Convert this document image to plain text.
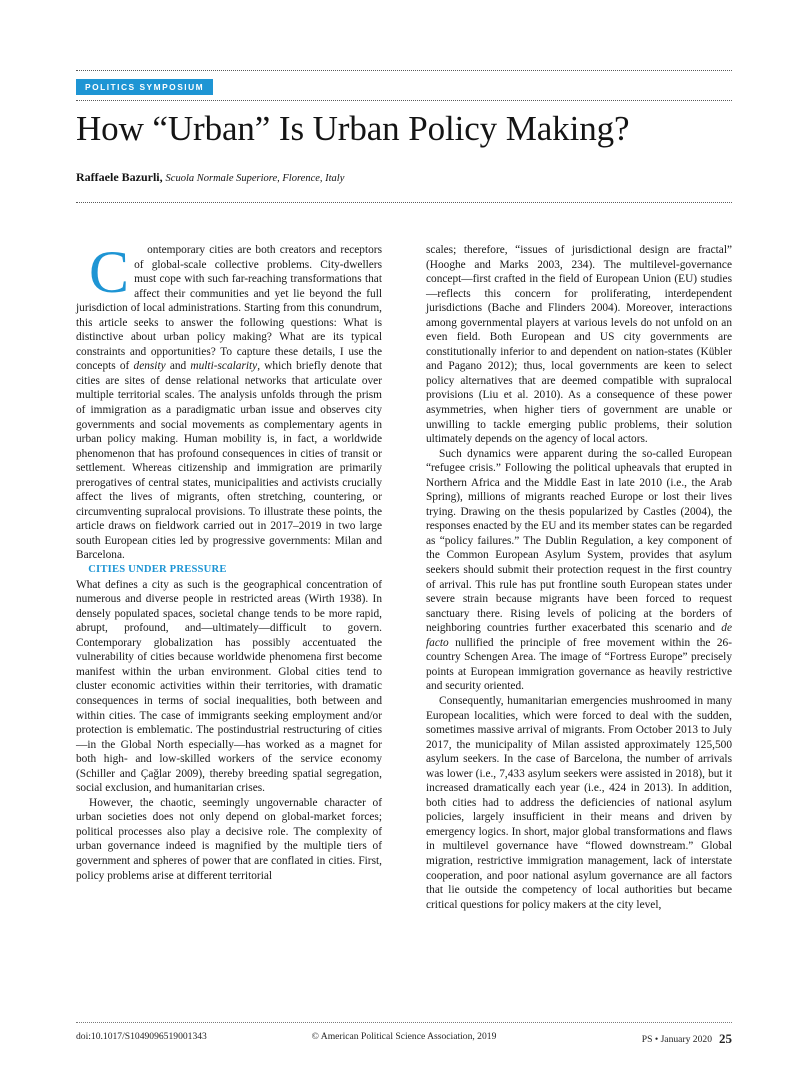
POLITICS SYMPOSIUM
How “Urban” Is Urban Policy Making?
Raffaele Bazurli, Scuola Normale Superiore, Florence, Italy

C	ontemporary cities are both creators and receptors of global-scale collective problems. City-dwellers must cope with such far-reaching transformations that affect their communities and yet lie beyond the full jurisdiction of local administrations. Starting from this conundrum, this article seeks to answer the following questions: What is distinctive about urban policy making? What are its typical constraints and opportunities? To capture these details, I use the concepts of density and multi-scalarity, which briefly denote that cities are sites of dense relational networks that articulate over multiple territorial scales. The analysis unfolds through the prism of immigration as a paradigmatic urban issue and observes city governments and social movements as complementary agents in urban policy making. Human mobility is, in fact, a worldwide phenomenon that has profound consequences in cities of transit or settlement. Whereas citizenship and immigration are primarily prerogatives of central states, municipalities and activists crucially affect the lives of migrants, often stretching, countering, or circumventing supralocal provisions. To illustrate these points, the article draws on fieldwork carried out in 2017–2019 in two large south European cities led by progressive governments: Milan and Barcelona.

CITIES UNDER PRESSURE

What defines a city as such is the geographical concentration of numerous and diverse people in restricted areas (Wirth 1938). In densely populated spaces, societal change tends to be more rapid, abrupt, profound, and—ultimately—difficult to govern. Contemporary globalization has possibly accentuated the vulnerability of cities because worldwide phenomena first become manifest within the urban environment. Global cities tend to cluster economic activities within their territories, with dramatic consequences in terms of social inequalities, both between and within cities. The case of immigrants seeking employment and/or protection is emblematic. The postindustrial restructuring of cities—in the Global North especially—has worked as a magnet for both high- and low-skilled workers of the service economy (Schiller and Çağlar 2009), thereby breeding spatial segregation, social exclusion, and humanitarian crises.

However, the chaotic, seemingly ungovernable character of urban societies does not only depend on global-market forces; political processes also play a decisive role. The complexity of urban governance indeed is magnified by the multiple tiers of government and spheres of power that are conflated in cities. First, policy problems arise at different territorial

scales; therefore, “issues of jurisdictional design are fractal” (Hooghe and Marks 2003, 234). The multilevel-governance concept—first crafted in the field of European Union (EU) studies—reflects this concern for proliferating, interdependent jurisdictions (Bache and Flinders 2004). Moreover, interactions among governmental players at various levels do not unfold on an even field. Both European and US city governments are constitutionally inferior to and dependent on nation-states (Kübler and Pagano 2012); thus, local governments are keen to select policy alternatives that are deemed compatible with supralocal provisions (Liu et al. 2010). As a consequence of these power asymmetries, when higher tiers of government are unable or unwilling to tackle emerging public problems, their solution ultimately depends on the agency of local actors.

Such dynamics were apparent during the so-called European “refugee crisis.” Following the political upheavals that erupted in Northern Africa and the Middle East in late 2010 (i.e., the Arab Spring), millions of migrants reached Europe or lost their lives trying. Drawing on the thesis popularized by Castles (2004), the responses enacted by the EU and its member states can be regarded as “policy failures.” The Dublin Regulation, a key component of the Common European Asylum System, provides that asylum seekers should submit their protection request in the first country of arrival. This rule has put frontline south European states under severe strain because migrants have been forced to request sanctuary there. Rising levels of policing at the borders of neighboring countries further exacerbated this scenario and de facto nullified the principle of free movement within the 26-country Schengen Area. The image of “Fortress Europe” precisely points at European immigration governance as heavily restrictive and security oriented.

Consequently, humanitarian emergencies mushroomed in many European localities, which were forced to deal with the sudden, sometimes massive arrival of migrants. From October 2013 to July 2017, the municipality of Milan assisted approximately 125,500 asylum seekers. In the case of Barcelona, the number of arrivals was lower (i.e., 7,433 asylum seekers were assisted in 2018), but it increased dramatically each year (i.e., 424 in 2013). In addition, both cities had to address the deficiencies of national asylum policies, largely insufficient in their means and driven by emergency logics. In short, major global transformations and flaws in multilevel governance have “flowed downstream.” Global migration, restrictive immigration management, lack of interstate cooperation, and poor national asylum governance are all factors that lie outside the competency of local authorities but became critical questions for policy makers at the city level,

doi:10.1017/S1049096519001343	© American Political Science Association, 2019	PS • January 2020 25
